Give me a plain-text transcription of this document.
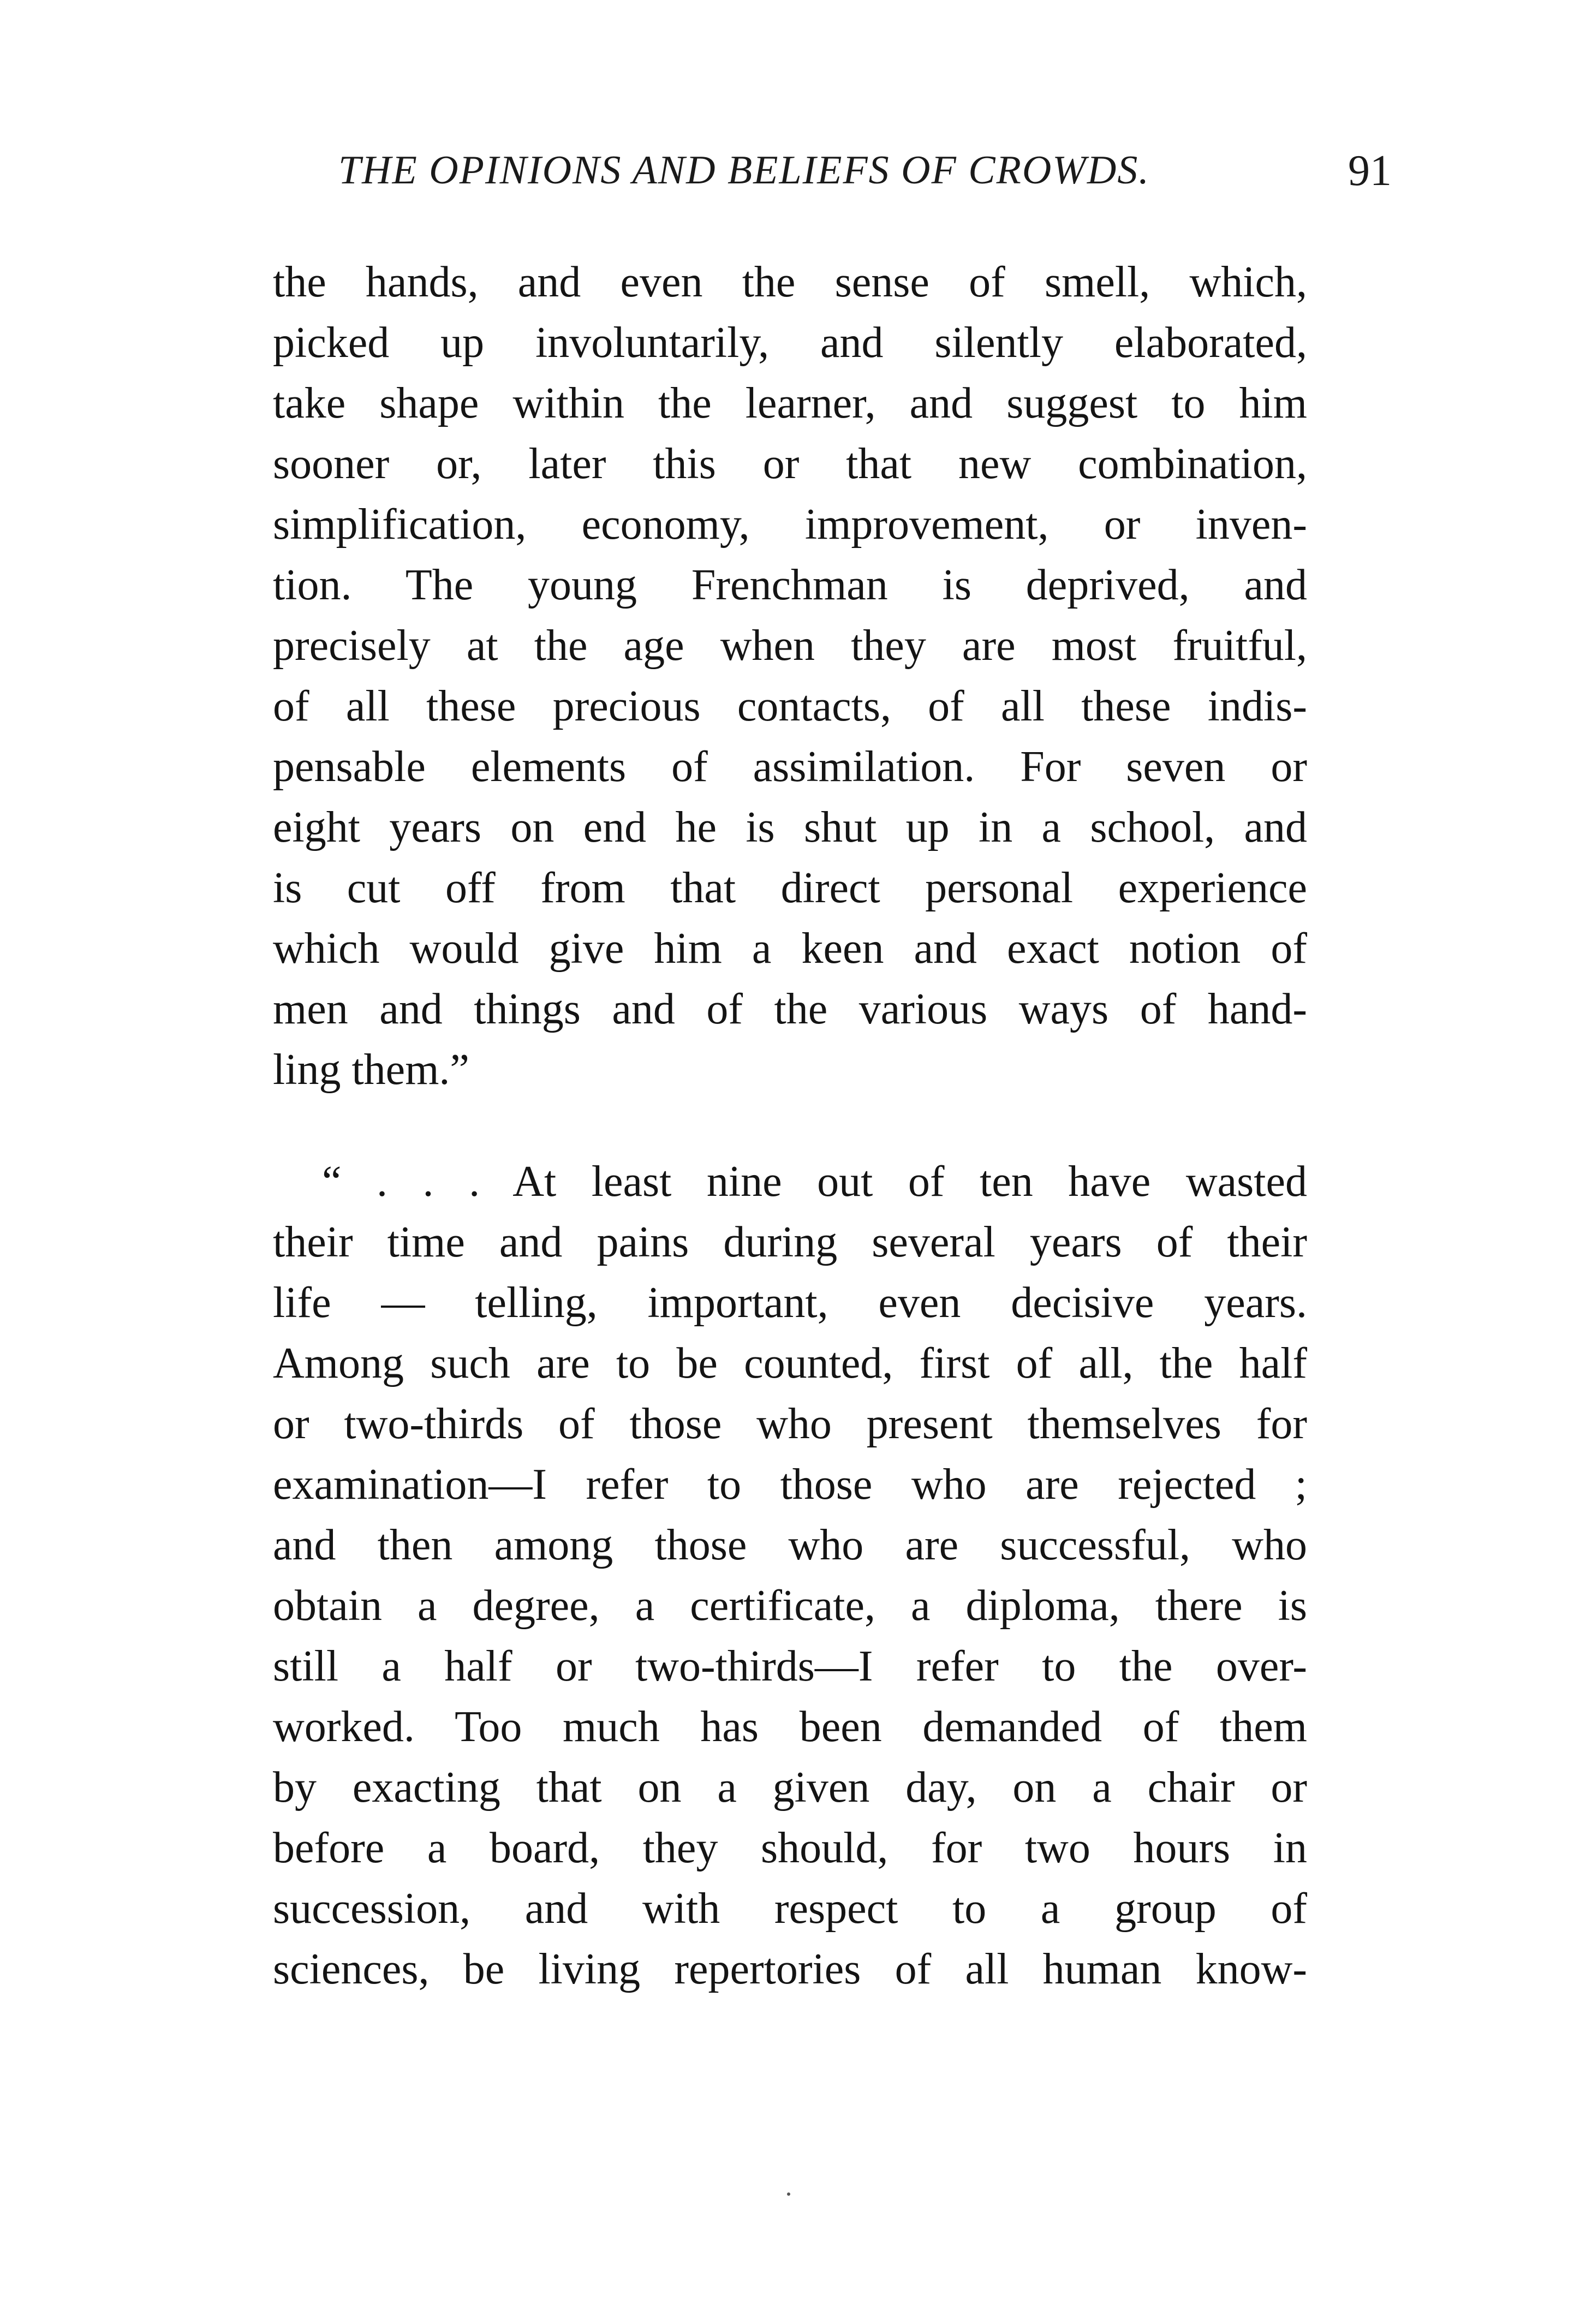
THE OPINIONS AND BELIEFS OF CROWDS.	91
the hands, and even the sense of smell, which,
picked up involuntarily, and silently elaborated,
take shape within the learner, and suggest to him
sooner or, later this or that new combination,
simplification, economy, improvement, or inven-
tion. The young Frenchman is deprived, and
precisely at the age when they are most fruitful,
of all these precious contacts, of all these indis-
pensable elements of assimilation. For seven or
eight years on end he is shut up in a school, and
is cut off from that direct personal experience
which would give him a keen and exact notion of
men and things and of the various ways of hand-
ling them.”
“ . . . At least nine out of ten have wasted
their time and pains during several years of their
life — telling, important, even decisive years.
Among such are to be counted, first of all, the half
or two-thirds of those who present themselves for
examination—I refer to those who are rejected ;
and then among those who are successful, who
obtain a degree, a certificate, a diploma, there is
still a half or two-thirds—I refer to the over-
worked. Too much has been demanded of them
by exacting that on a given day, on a chair or
before a board, they should, for two hours in
succession, and with respect to a group of
sciences, be living repertories of all human know-
